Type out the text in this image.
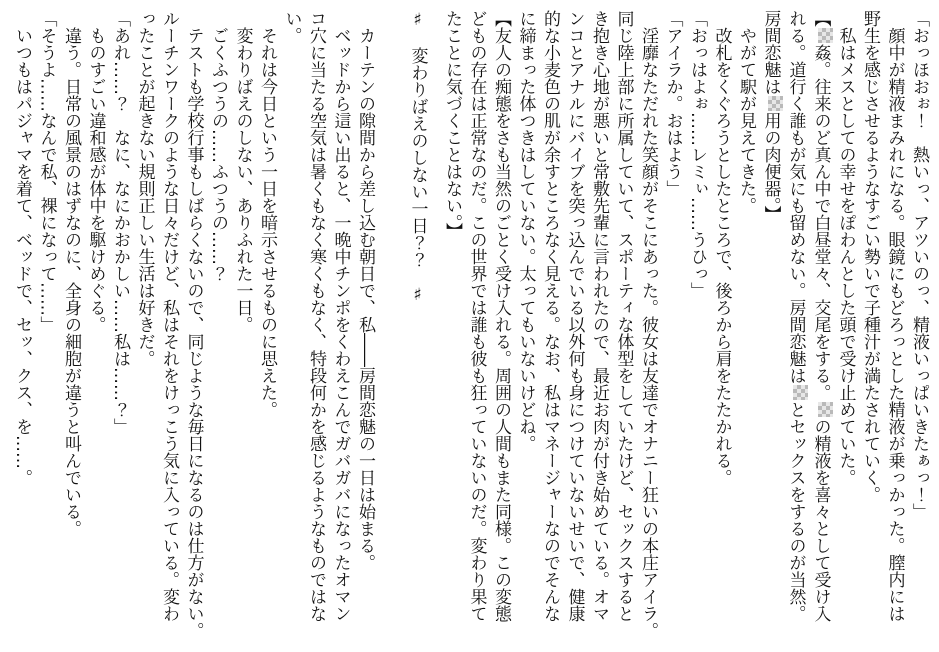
「おっほおぉ！　熱いっ、アツいのっ、精液いっぱいきたぁっ！」
　顔中が精液まみれになる。眼鏡にもどろっとした精液が乗っかった。膣内には
野生を感じさせるようなすごい勢いで子種汁が満たされていく。
　私はメスとしての幸せをぽわんとした頭で受け止めていた。
【姦。往来のど真ん中で白昼堂々、交尾をする。の精液を喜々として受け入
れる。道行く誰もが気にも留めない。房間恋魅はとセックスをするのが当然。
房間恋魅は用の肉便器。】
　やがて駅が見えてきた。
　改札をくぐろうとしたところで、後ろから肩をたたかれる。
「おっはよぉ……レミぃ……うひっ」
「アイラか。おはよう」
　淫靡なただれた笑顔がそこにあった。彼女は友達でオナニー狂いの本庄アイラ。
同じ陸上部に所属していて、スポーティな体型をしていたけど、セックスすると
き抱き心地が悪いと常敷先輩に言われたので、最近お肉が付き始めている。オマ
ンコとアナルにバイブを突っ込んでいる以外何も身につけていないせいで、健康
的な小麦色の肌が余すところなく見える。なお、私はマネージャーなのでそんな
に締まった体つきはしていない。太ってもいないけどね。
【友人の痴態をさも当然のごとく受け入れる。周囲の人間もまた同様。この変態
どもの存在は正常なのだ。この世界では誰も彼も狂っていないのだ。変わり果て
たことに気づくことはない。】
♯　変わりばえのしない一日？？　♯
　カーテンの隙間から差し込む朝日で、私――房間恋魅の一日は始まる。
　ベッドから這い出ると、一晩中チンポをくわえこんでガバガバになったオマン
コ穴に当たる空気は暑くもなく寒くもなく、特段何かを感じるようなものではな
い。
　それは今日という一日を暗示させるものに思えた。
　変わりばえのしない、ありふれた一日。
　ごくふつうの……ふつうの……？
　テストも学校行事もしばらくないので、同じような毎日になるのは仕方がない。
ルーチンワークのような日々だけど、私はそれをけっこう気に入っている。変わ
ったことが起きない規則正しい生活は好きだ。
「あれ……？　なに、なにかおかしい……私は……？」
　ものすごい違和感が体中を駆けめぐる。
　違う。日常の風景のはずなのに、全身の細胞が違うと叫んでいる。
「そうよ……なんで私、裸になって……」
　いつもはパジャマを着て、ベッドで、セッ、クス、を……。
